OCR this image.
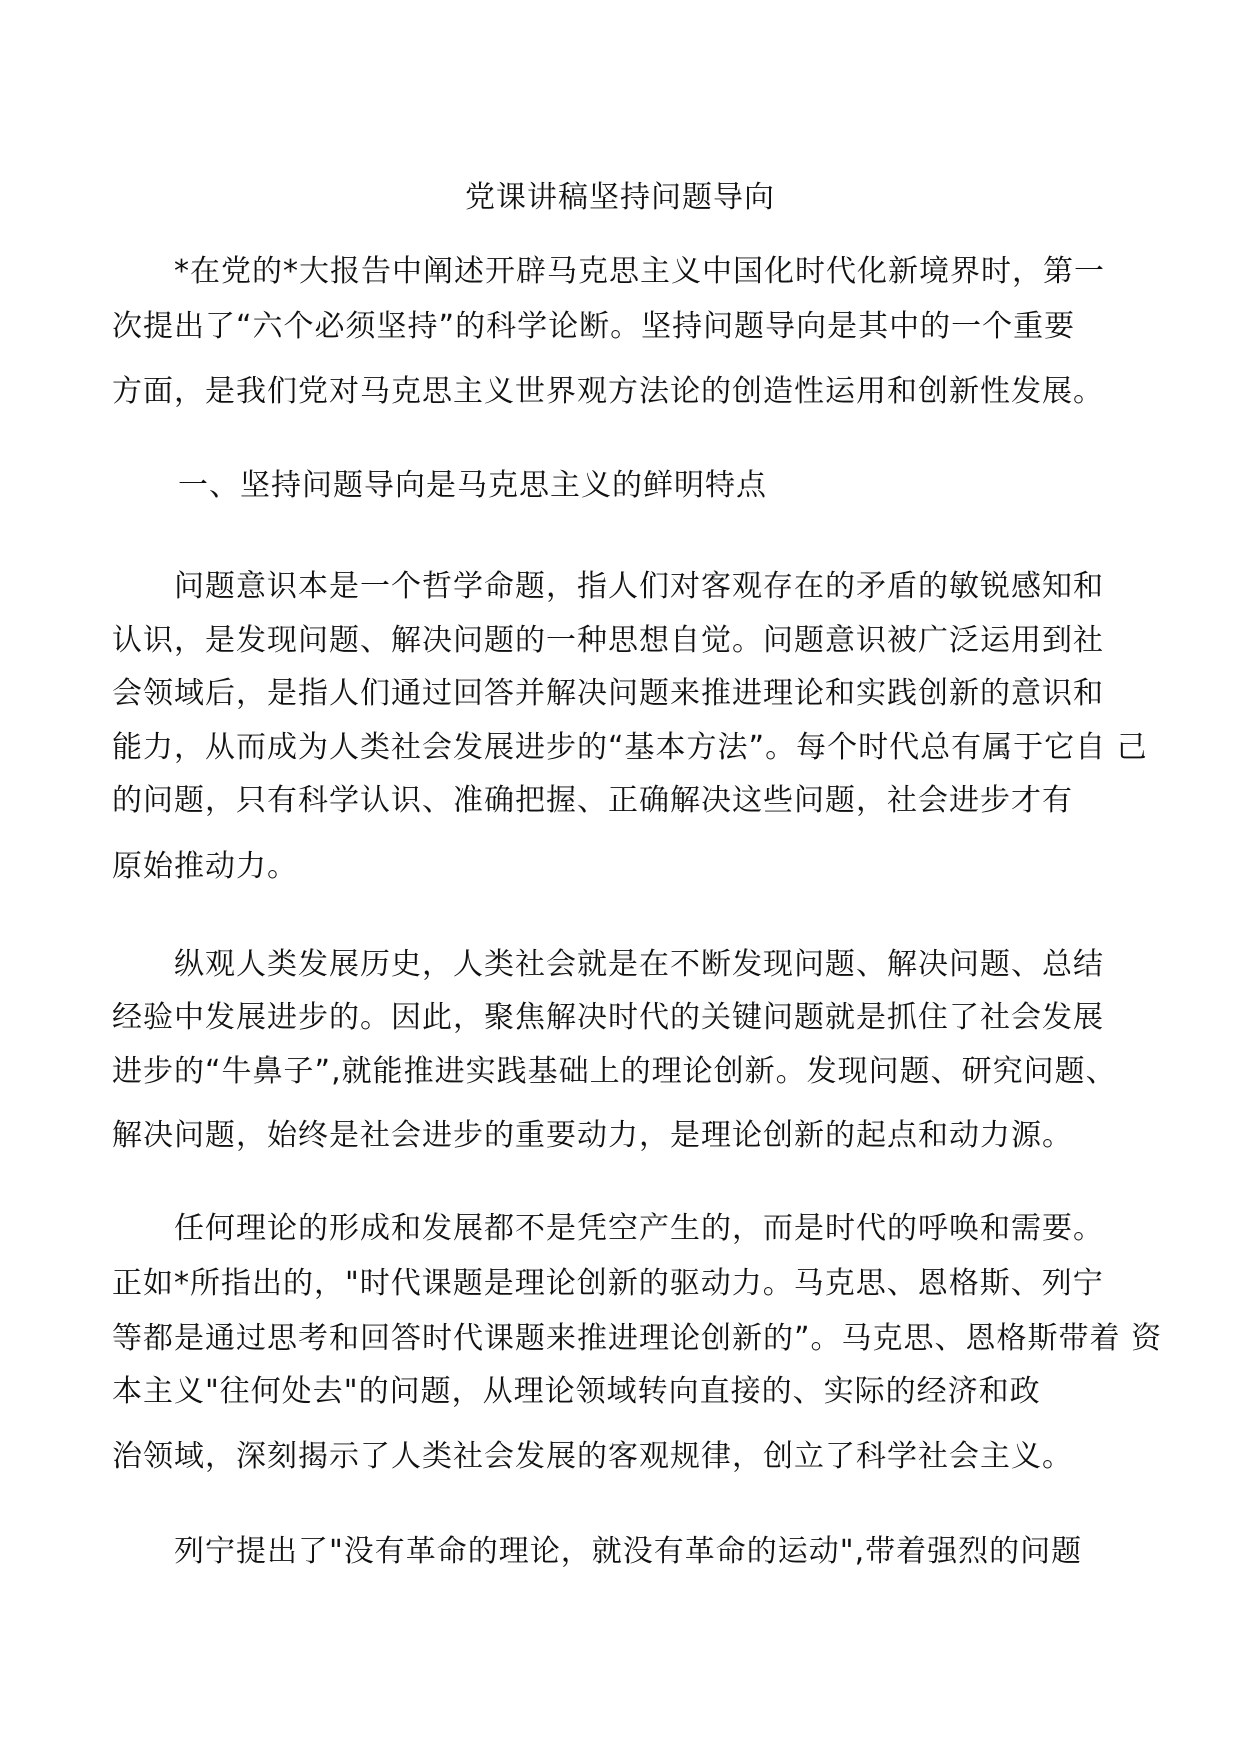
党课讲稿坚持问题导向
*在党的*大报告中阐述开辟马克思主义中国化时代化新境界时，第一
次提出了“六个必须坚持”的科学论断。坚持问题导向是其中的一个重要
方面，是我们党对马克思主义世界观方法论的创造性运用和创新性发展。
一、坚持问题导向是马克思主义的鲜明特点
问题意识本是一个哲学命题，指人们对客观存在的矛盾的敏锐感知和
认识，是发现问题、解决问题的一种思想自觉。问题意识被广泛运用到社
会领域后，是指人们通过回答并解决问题来推进理论和实践创新的意识和
能力，从而成为人类社会发展进步的“基本方法”。每个时代总有属于它自 己
的问题，只有科学认识、准确把握、正确解决这些问题，社会进步才有
原始推动力。
纵观人类发展历史，人类社会就是在不断发现问题、解决问题、总结
经验中发展进步的。因此，聚焦解决时代的关键问题就是抓住了社会发展
进步的“牛鼻子”,就能推进实践基础上的理论创新。发现问题、研究问题、
解决问题，始终是社会进步的重要动力，是理论创新的起点和动力源。
任何理论的形成和发展都不是凭空产生的，而是时代的呼唤和需要。
正如*所指出的，"时代课题是理论创新的驱动力。马克思、恩格斯、列宁
等都是通过思考和回答时代课题来推进理论创新的”。马克思、恩格斯带着 资
本主义"往何处去"的问题，从理论领域转向直接的、实际的经济和政
治领域，深刻揭示了人类社会发展的客观规律，创立了科学社会主义。
列宁提出了"没有革命的理论，就没有革命的运动",带着强烈的问题
